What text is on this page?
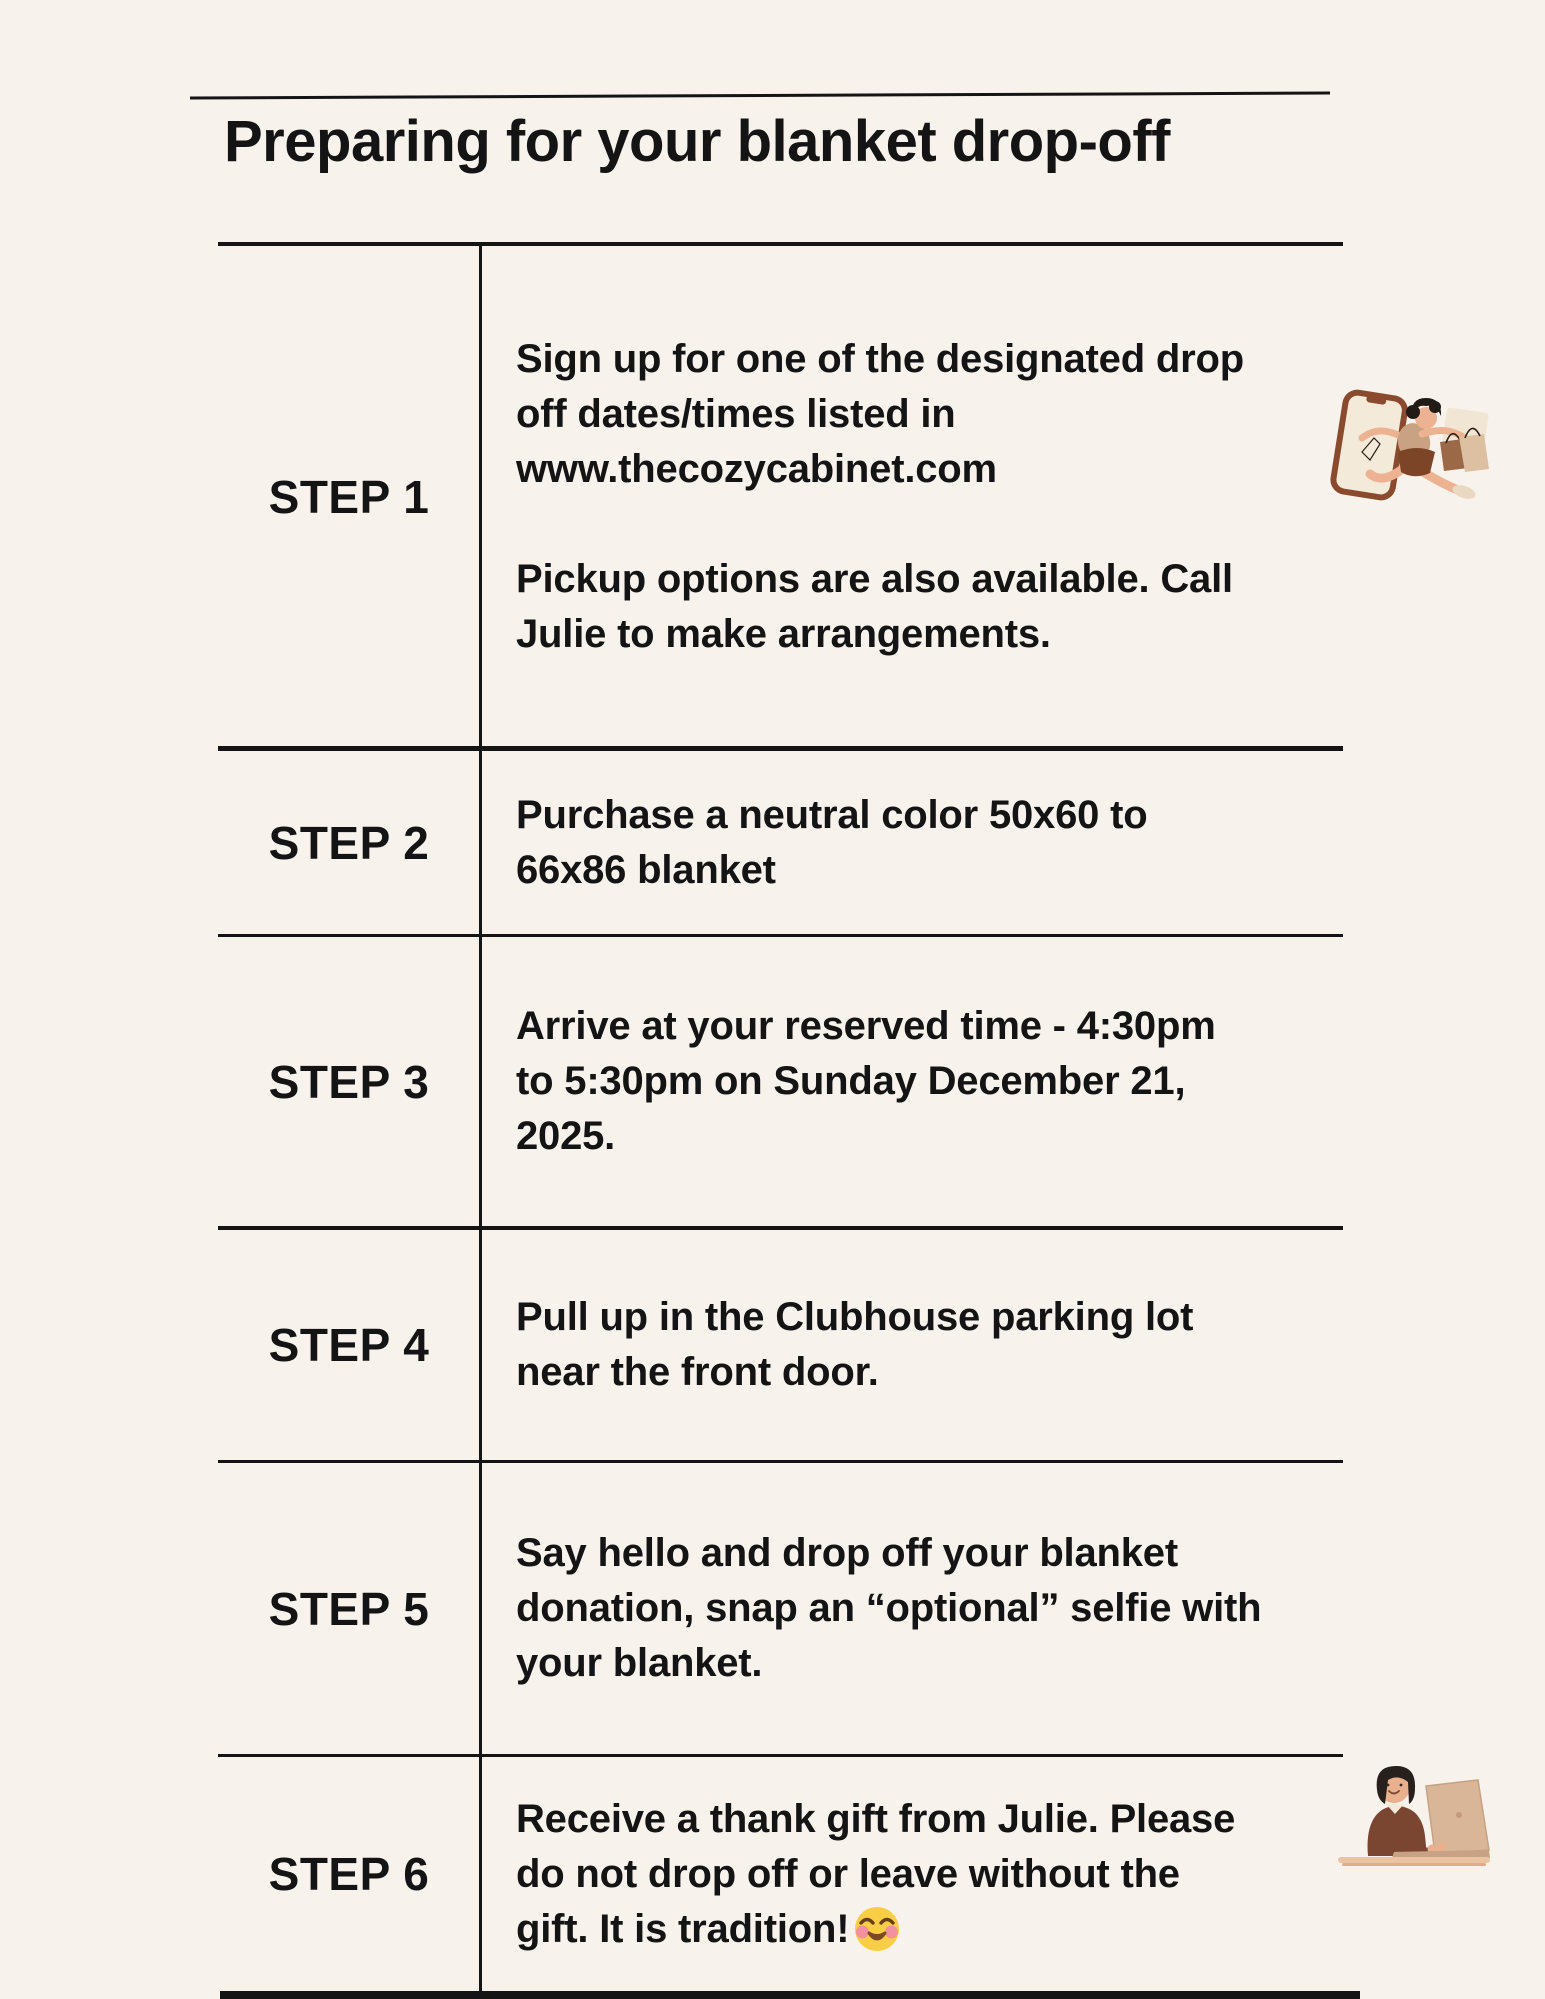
Preparing for your blanket drop-off
STEP 1
Sign up for one of the designated drop
off dates/times listed in
www.thecozycabinet.com
Pickup options are also available. Call
Julie to make arrangements.
STEP 2
Purchase a neutral color 50x60 to
66x86 blanket
STEP 3
Arrive at your reserved time - 4:30pm
to 5:30pm on Sunday December 21,
2025.
STEP 4
Pull up in the Clubhouse parking lot
near the front door.
STEP 5
Say hello and drop off your blanket
donation, snap an “optional” selfie with
your blanket.
STEP 6
Receive a thank gift from Julie. Please
do not drop off or leave without the
gift. It is tradition!
